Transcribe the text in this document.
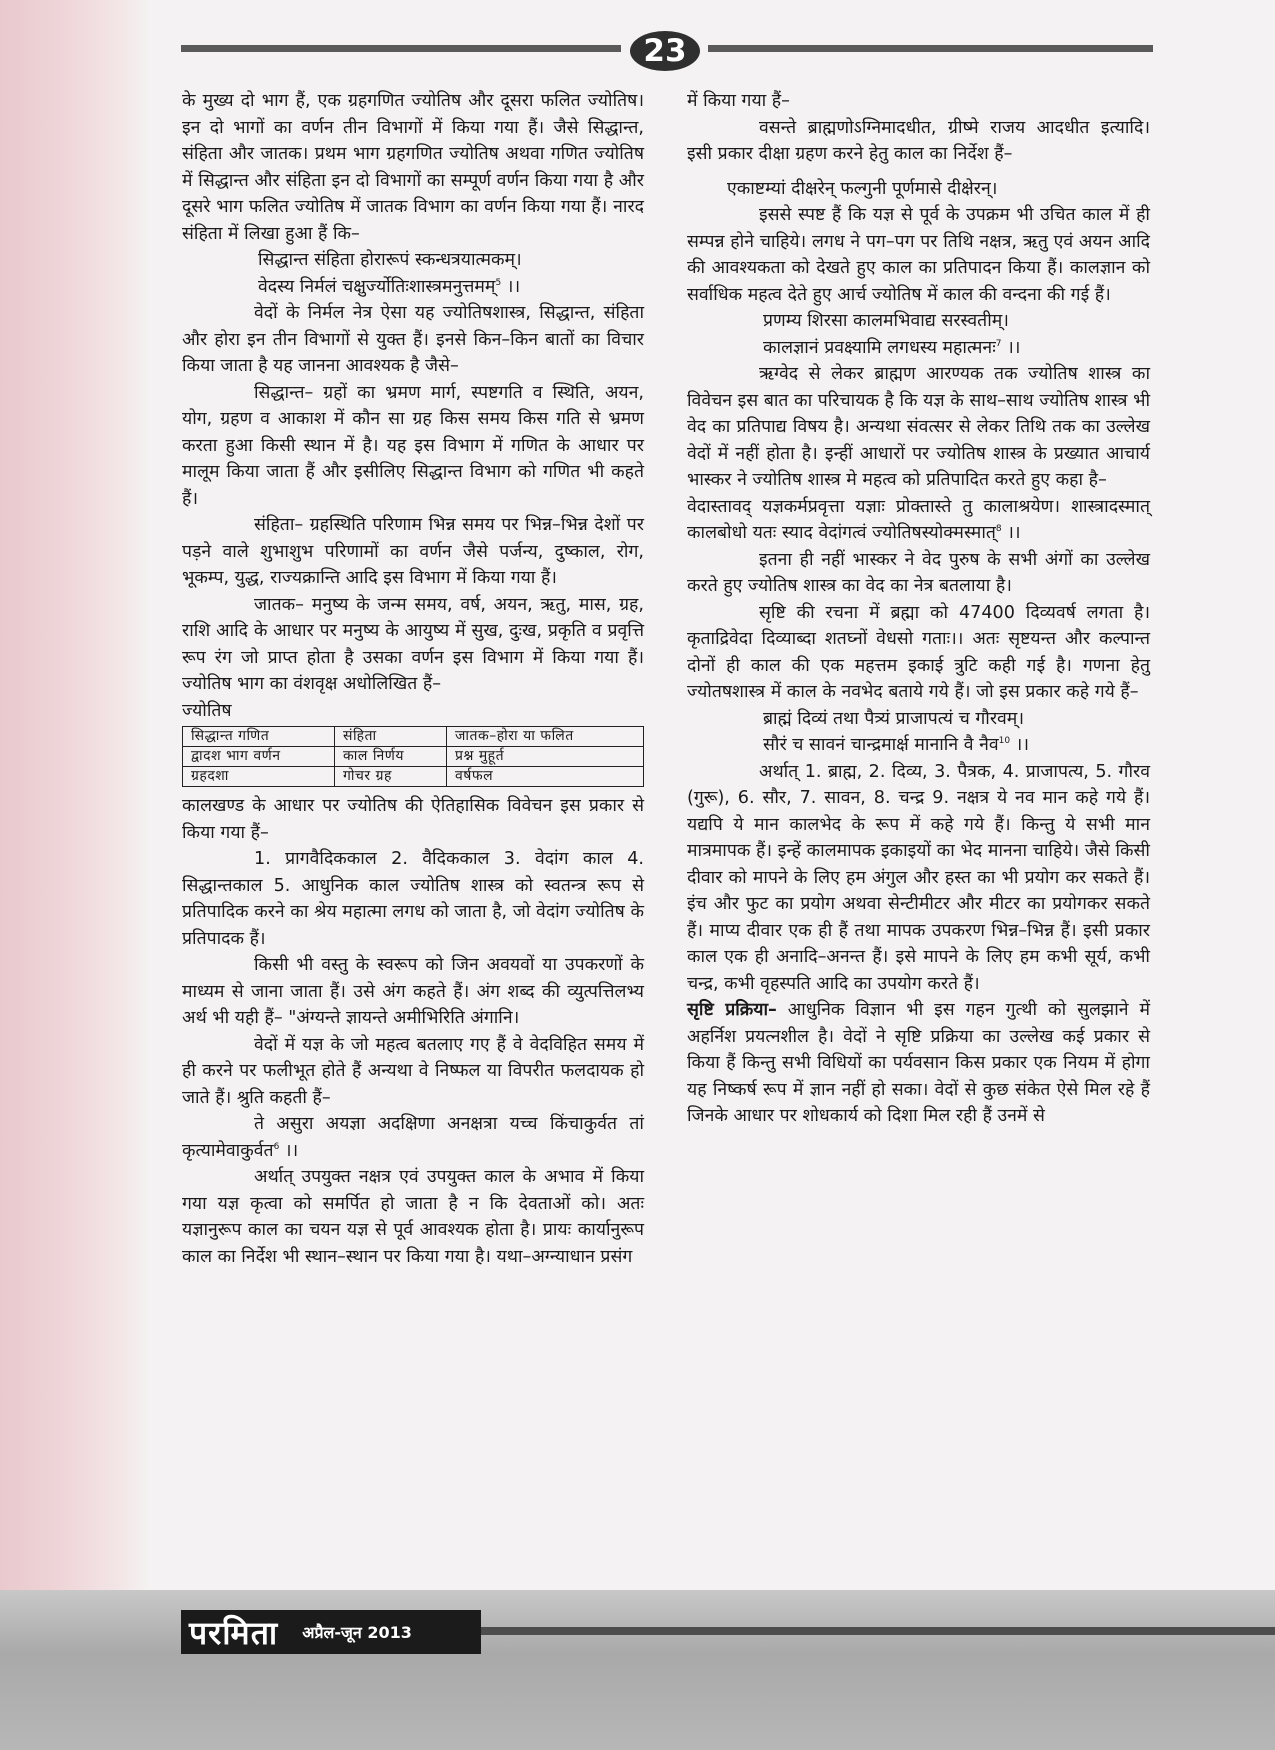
23

के मुख्य दो भाग हैं, एक ग्रहगणित ज्योतिष और दूसरा फलित ज्योतिष। इन दो भागों का वर्णन तीन विभागों में किया गया हैं। जैसे सिद्धान्त, संहिता और जातक। प्रथम भाग ग्रहगणित ज्योतिष अथवा गणित ज्योतिष में सिद्धान्त और संहिता इन दो विभागों का सम्पूर्ण वर्णन किया गया है और दूसरे भाग फलित ज्योतिष में जातक विभाग का वर्णन किया गया हैं। नारद संहिता में लिखा हुआ हैं कि–

सिद्धान्त संहिता होरारूपं स्कन्धत्रयात्मकम्।

वेदस्य निर्मलं चक्षुर्ज्योतिःशास्त्रमनुत्तमम्$^5$ ।।

वेदों के निर्मल नेत्र ऐसा यह ज्योतिषशास्त्र, सिद्धान्त, संहिता और होरा इन तीन विभागों से युक्त हैं। इनसे किन–किन बातों का विचार किया जाता है यह जानना आवश्यक है जैसे–

सिद्धान्त– ग्रहों का भ्रमण मार्ग, स्पष्टगति व स्थिति, अयन, योग, ग्रहण व आकाश में कौन सा ग्रह किस समय किस गति से भ्रमण करता हुआ किसी स्थान में है। यह इस विभाग में गणित के आधार पर मालूम किया जाता हैं और इसीलिए सिद्धान्त विभाग को गणित भी कहते हैं।

संहिता– ग्रहस्थिति परिणाम भिन्न समय पर भिन्न–भिन्न देशों पर पड़ने वाले शुभाशुभ परिणामों का वर्णन जैसे पर्जन्य, दुष्काल, रोग, भूकम्प, युद्ध, राज्यक्रान्ति आदि इस विभाग में किया गया हैं।

जातक– मनुष्य के जन्म समय, वर्ष, अयन, ऋतु, मास, ग्रह, राशि आदि के आधार पर मनुष्य के आयुष्य में सुख, दुःख, प्रकृति व प्रवृत्ति रूप रंग जो प्राप्त होता है उसका वर्णन इस विभाग में किया गया हैं। ज्योतिष भाग का वंशवृक्ष अधोलिखित हैं–

ज्योतिष

सिद्धान्त गणित	संहिता	जातक–होरा या फलित
द्वादश भाग वर्णन	काल निर्णय	प्रश्न मुहूर्त
ग्रहदशा	गोचर ग्रह	वर्षफल

कालखण्ड के आधार पर ज्योतिष की ऐतिहासिक विवेचन इस प्रकार से किया गया हैं–

1. प्रागवैदिककाल 2. वैदिककाल 3. वेदांग काल 4. सिद्धान्तकाल 5. आधुनिक काल ज्योतिष शास्त्र को स्वतन्त्र रूप से प्रतिपादिक करने का श्रेय महात्मा लगध को जाता है, जो वेदांग ज्योतिष के प्रतिपादक हैं।

किसी भी वस्तु के स्वरूप को जिन अवयवों या उपकरणों के माध्यम से जाना जाता हैं। उसे अंग कहते हैं। अंग शब्द की व्युत्पत्तिलभ्य अर्थ भी यही हैं– "अंग्यन्ते ज्ञायन्ते अमीभिरिति अंगानि।

वेदों में यज्ञ के जो महत्व बतलाए गए हैं वे वेदविहित समय में ही करने पर फलीभूत होते हैं अन्यथा वे निष्फल या विपरीत फलदायक हो जाते हैं। श्रुति कहती हैं–

ते असुरा अयज्ञा अदक्षिणा अनक्षत्रा यच्च किंचाकुर्वत तां कृत्यामेवाकुर्वत$^6$ ।।

अर्थात् उपयुक्त नक्षत्र एवं उपयुक्त काल के अभाव में किया गया यज्ञ कृत्वा को समर्पित हो जाता है न कि देवताओं को। अतः यज्ञानुरूप काल का चयन यज्ञ से पूर्व आवश्यक होता है। प्रायः कार्यानुरूप काल का निर्देश भी स्थान–स्थान पर किया गया है। यथा–अग्न्याधान प्रसंग

में किया गया हैं–

वसन्ते ब्राह्मणोऽग्निमादधीत, ग्रीष्मे राजय आदधीत इत्यादि। इसी प्रकार दीक्षा ग्रहण करने हेतु काल का निर्देश हैं–

एकाष्टम्यां दीक्षरेन् फल्गुनी पूर्णमासे दीक्षेरन्।

इससे स्पष्ट हैं कि यज्ञ से पूर्व के उपक्रम भी उचित काल में ही सम्पन्न होने चाहिये। लगध ने पग–पग पर तिथि नक्षत्र, ऋतु एवं अयन आदि की आवश्यकता को देखते हुए काल का प्रतिपादन किया हैं। कालज्ञान को सर्वाधिक महत्व देते हुए आर्च ज्योतिष में काल की वन्दना की गई हैं।

प्रणम्य शिरसा कालमभिवाद्य सरस्वतीम्।

कालज्ञानं प्रवक्ष्यामि लगधस्य महात्मनः$^7$ ।।

ऋग्वेद से लेकर ब्राह्मण आरण्यक तक ज्योतिष शास्त्र का विवेचन इस बात का परिचायक है कि यज्ञ के साथ–साथ ज्योतिष शास्त्र भी वेद का प्रतिपाद्य विषय है। अन्यथा संवत्सर से लेकर तिथि तक का उल्लेख वेदों में नहीं होता है। इन्हीं आधारों पर ज्योतिष शास्त्र के प्रख्यात आचार्य भास्कर ने ज्योतिष शास्त्र मे महत्व को प्रतिपादित करते हुए कहा है–

वेदास्तावद् यज्ञकर्मप्रवृत्ता यज्ञाः प्रोक्तास्ते तु कालाश्रयेण। शास्त्रादस्मात् कालबोधो यतः स्याद वेदांगत्वं ज्योतिषस्योक्मस्मात्$^8$ ।।

इतना ही नहीं भास्कर ने वेद पुरुष के सभी अंगों का उल्लेख करते हुए ज्योतिष शास्त्र का वेद का नेत्र बतलाया है।

सृष्टि की रचना में ब्रह्मा को 47400 दिव्यवर्ष लगता है। कृताद्रिवेदा दिव्याब्दा शतघ्नों वेधसो गताः।। अतः सृष्टयन्त और कल्पान्त दोनों ही काल की एक महत्तम इकाई त्रुटि कही गई है। गणना हेतु ज्योतषशास्त्र में काल के नवभेद बताये गये हैं। जो इस प्रकार कहे गये हैं–

ब्राह्मं दिव्यं तथा पैत्र्यं प्राजापत्यं च गौरवम्।

सौरं च सावनं चान्द्रमार्क्ष मानानि वै नैव$^{10}$ ।।

अर्थात् 1. ब्राह्म, 2. दिव्य, 3. पैत्रक, 4. प्राजापत्य, 5. गौरव (गुरू), 6. सौर, 7. सावन, 8. चन्द्र 9. नक्षत्र ये नव मान कहे गये हैं। यद्यपि ये मान कालभेद के रूप में कहे गये हैं। किन्तु ये सभी मान मात्रमापक हैं। इन्हें कालमापक इकाइयों का भेद मानना चाहिये। जैसे किसी दीवार को मापने के लिए हम अंगुल और हस्त का भी प्रयोग कर सकते हैं। इंच और फुट का प्रयोग अथवा सेन्टीमीटर और मीटर का प्रयोगकर सकते हैं। माप्य दीवार एक ही हैं तथा मापक उपकरण भिन्न–भिन्न हैं। इसी प्रकार काल एक ही अनादि–अनन्त हैं। इसे मापने के लिए हम कभी सूर्य, कभी चन्द्र, कभी वृहस्पति आदि का उपयोग करते हैं।

सृष्टि प्रक्रिया– आधुनिक विज्ञान भी इस गहन गुत्थी को सुलझाने में अहर्निश प्रयत्नशील है। वेदों ने सृष्टि प्रक्रिया का उल्लेख कई प्रकार से किया हैं किन्तु सभी विधियों का पर्यवसान किस प्रकार एक नियम में होगा यह निष्कर्ष रूप में ज्ञान नहीं हो सका। वेदों से कुछ संकेत ऐसे मिल रहे हैं जिनके आधार पर शोधकार्य को दिशा मिल रही हैं उनमें से

परमिता अप्रैल-जून 2013
